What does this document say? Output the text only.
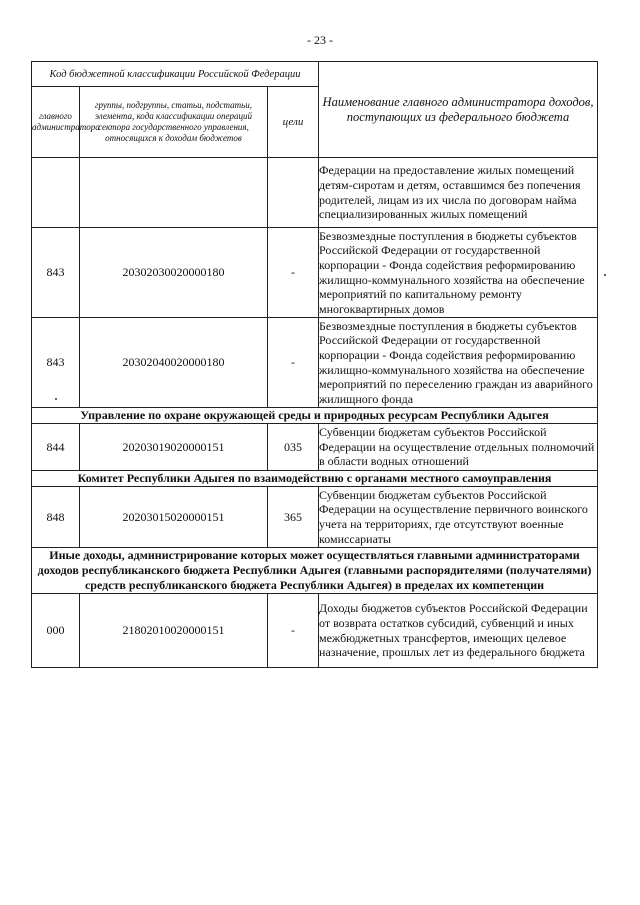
- 23 -
Код бюджетной классификации Российской Федерации			Наименование главного администратора доходов, поступающих из федерального бюджета
главного администратора	группы, подгруппы, статьи, подстатьи, элемента, кода классификации операций сектора государственного управления, относящихся к доходам бюджетов	цели	
			Федерации на предоставление жилых помещений детям-сиротам и детям, оставшимся без попечения родителей, лицам из их числа по договорам найма специализированных жилых помещений
843	20302030020000180	-	Безвозмездные поступления в бюджеты субъектов Российской Федерации от государственной корпорации - Фонда содействия реформированию жилищно-коммунального хозяйства на обеспечение мероприятий по капитальному ремонту многоквартирных домов
843	20302040020000180	-	Безвозмездные поступления в бюджеты субъектов Российской Федерации от государственной корпорации - Фонда содействия реформированию жилищно-коммунального хозяйства на обеспечение мероприятий по переселению граждан из аварийного жилищного фонда
Управление по охране окружающей среды и природных ресурсам Республики Адыгея			
844	20203019020000151	035	Субвенции бюджетам субъектов Российской Федерации на осуществление отдельных полномочий в области водных отношений
Комитет Республики Адыгея по взаимодействию с органами местного самоуправления			
848	20203015020000151	365	Субвенции бюджетам субъектов Российской Федерации на осуществление первичного воинского учета на территориях, где отсутствуют военные комиссариаты
Иные доходы, администрирование которых может осуществляться главными администраторами доходов республиканского бюджета Республики Адыгея (главными распорядителями (получателями) средств республиканского бюджета Республики Адыгея) в пределах их компетенции			
000	21802010020000151	-	Доходы бюджетов субъектов Российской Федерации от возврата остатков субсидий, субвенций и иных межбюджетных трансфертов, имеющих целевое назначение, прошлых лет из федерального бюджета
